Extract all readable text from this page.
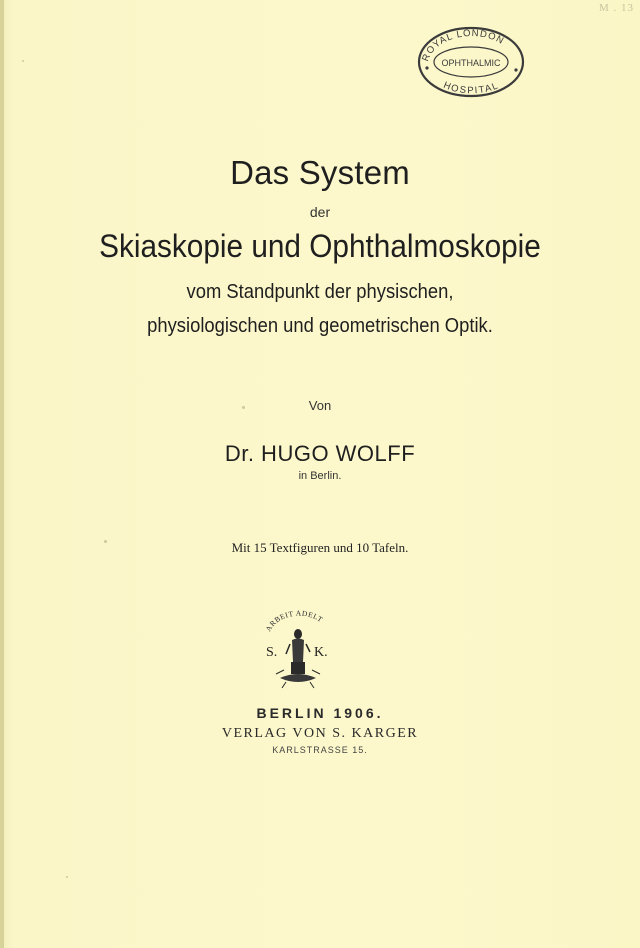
M . 13
ROYAL LONDON
OPHTHALMIC
HOSPITAL
Das System
der
Skiaskopie und Ophthalmoskopie
vom Standpunkt der physischen,
physiologischen und geometrischen Optik.
Von
Dr. HUGO WOLFF
in Berlin.
Mit 15 Textfiguren und 10 Tafeln.
ARBEIT ADELT
S.	K.
BERLIN 1906.
VERLAG VON S. KARGER
KARLSTRASSE 15.
